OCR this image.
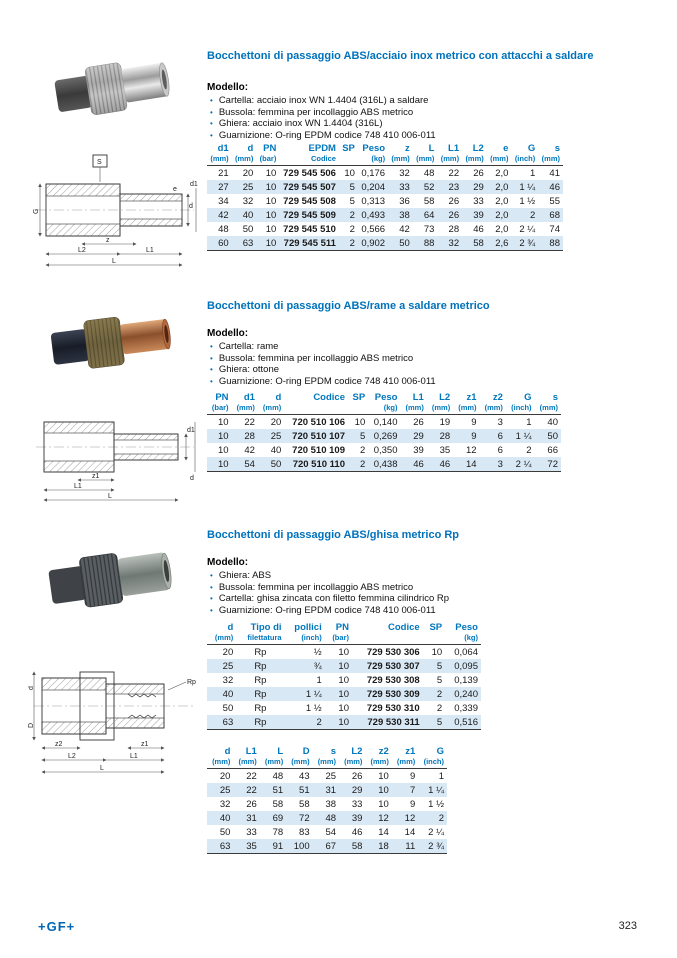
Bocchettoni di passaggio ABS/acciaio inox metrico con attacchi a saldare
Modello:
• Cartella: acciaio inox WN 1.4404 (316L) a saldare
• Bussola: femmina per incollaggio ABS metrico
• Ghiera: acciaio inox WN 1.4404 (316L)
• Guarnizione: O-ring EPDM codice 748 410 006-011
S
G
d
d1
e
z
L2	L1
L
d1	d	PN	EPDM	SP	Peso	z	L	L1	L2	e	G	s
(mm)	(mm)	(bar)	Codice		(kg)	(mm)	(mm)	(mm)	(mm)	(mm)	(inch)	(mm)
21	20	10	729 545 506	10	0,176	32	48	22	26	2,0	1	41
27	25	10	729 545 507	5	0,204	33	52	23	29	2,0	1 ¼	46
34	32	10	729 545 508	5	0,313	36	58	26	33	2,0	1 ½	55
42	40	10	729 545 509	2	0,493	38	64	26	39	2,0	2	68
48	50	10	729 545 510	2	0,566	42	73	28	46	2,0	2 ¼	74
60	63	10	729 545 511	2	0,902	50	88	32	58	2,6	2 ¾	88
Bocchettoni di passaggio ABS/rame a saldare metrico
Modello:
• Cartella: rame
• Bussola: femmina per incollaggio ABS metrico
• Ghiera: ottone
• Guarnizione: O-ring EPDM codice 748 410 006-011
d1
d
z1
L1
L
PN	d1	d	Codice	SP	Peso	L1	L2	z1	z2	G	s
(bar)	(mm)	(mm)			(kg)	(mm)	(mm)	(mm)	(mm)	(inch)	(mm)
10	22	20	720 510 106	10	0,140	26	19	9	3	1	40
10	28	25	720 510 107	5	0,269	29	28	9	6	1 ¼	50
10	42	40	720 510 109	2	0,350	39	35	12	6	2	66
10	54	50	720 510 110	2	0,438	46	46	14	3	2 ¼	72
Bocchettoni di passaggio ABS/ghisa metrico Rp
Modello:
• Ghiera: ABS
• Bussola: femmina per incollaggio ABS metrico
• Cartella: ghisa zincata con filetto femmina cilindrico Rp
• Guarnizione: O-ring EPDM codice 748 410 006-011
D
d
Rp
z2	z1
L2	L1
L
d	Tipo di	pollici	PN	Codice	SP	Peso
(mm)	filettatura	(inch)	(bar)			(kg)
20	Rp	½	10	729 530 306	10	0,064
25	Rp	¾	10	729 530 307	5	0,095
32	Rp	1	10	729 530 308	5	0,139
40	Rp	1 ¼	10	729 530 309	2	0,240
50	Rp	1 ½	10	729 530 310	2	0,339
63	Rp	2	10	729 530 311	5	0,516
d	L1	L	D	s	L2	z2	z1	G
(mm)	(mm)	(mm)	(mm)	(mm)	(mm)	(mm)	(mm)	(inch)
20	22	48	43	25	26	10	9	1
25	22	51	51	31	29	10	7	1 ¼
32	26	58	58	38	33	10	9	1 ½
40	31	69	72	48	39	12	12	2
50	33	78	83	54	46	14	14	2 ¼
63	35	91	100	67	58	18	11	2 ¾
+GF+	323
